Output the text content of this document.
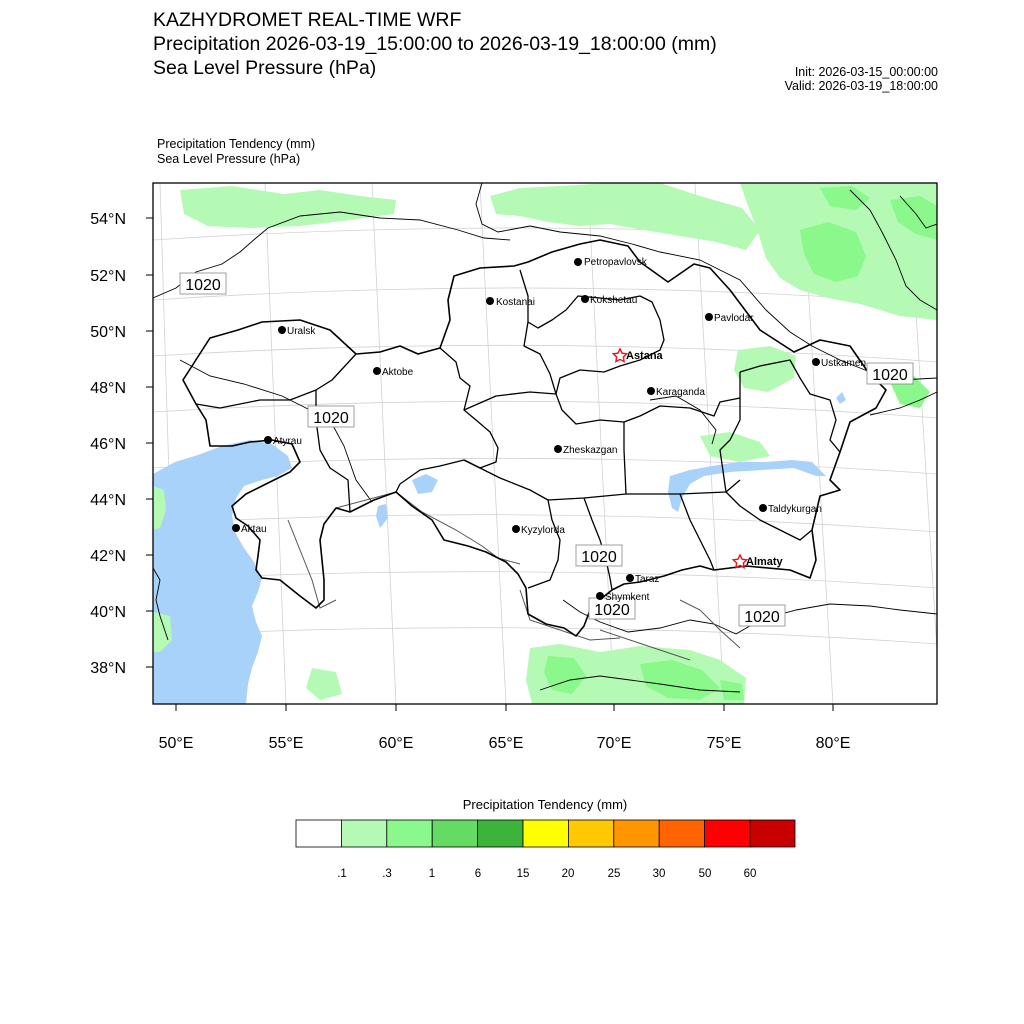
KAZHYDROMET REAL-TIME WRF
Precipitation 2026-03-19_15:00:00 to 2026-03-19_18:00:00 (mm)
Sea Level Pressure (hPa)	Init: 2026-03-15_00:00:00
Valid: 2026-03-19_18:00:00
Precipitation Tendency (mm)
Sea Level Pressure (hPa)
54°N
52°N
50°N
48°N
46°N
44°N
42°N
40°N
38°N
50°E	55°E	60°E	65°E	70°E	75°E	80°E
1020
1020
1020
1020
1020	1020
Petropavlovsk
Kostanai	Kokshetau
Pavlodar
Uralsk
Aktobe
Astana
Ustkamen
Karaganda
Atyrau
Zheskazgan
Aktau	Kyzylorda
Taldykurgan
Almaty
Taraz
Shymkent
Precipitation Tendency (mm)
.1	.3	1	6	15	20	25	30	50	60
